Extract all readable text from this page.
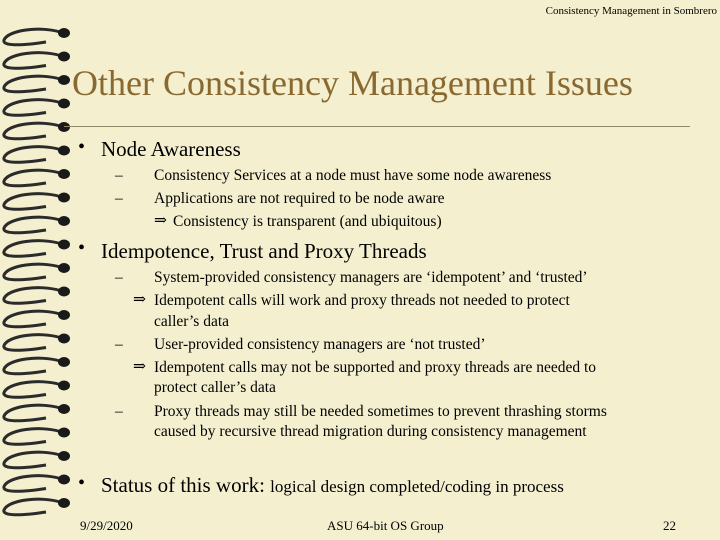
Consistency Management in Sombrero
Other Consistency Management Issues
• Node Awareness
– Consistency Services at a node must have some node awareness
– Applications are not required to be node aware
⇒ Consistency is transparent (and ubiquitous)
• Idempotence, Trust and Proxy Threads
– System-provided consistency managers are ‘idempotent’ and ‘trusted’
⇒ Idempotent calls will work and proxy threads not needed to protect
caller’s data
– User-provided consistency managers are ‘not trusted’
⇒ Idempotent calls may not be supported and proxy threads are needed to
protect caller’s data
– Proxy threads may still be needed sometimes to prevent thrashing storms
caused by recursive thread migration during consistency management
• Status of this work: logical design completed/coding in process
9/29/2020	ASU 64-bit OS Group	22
